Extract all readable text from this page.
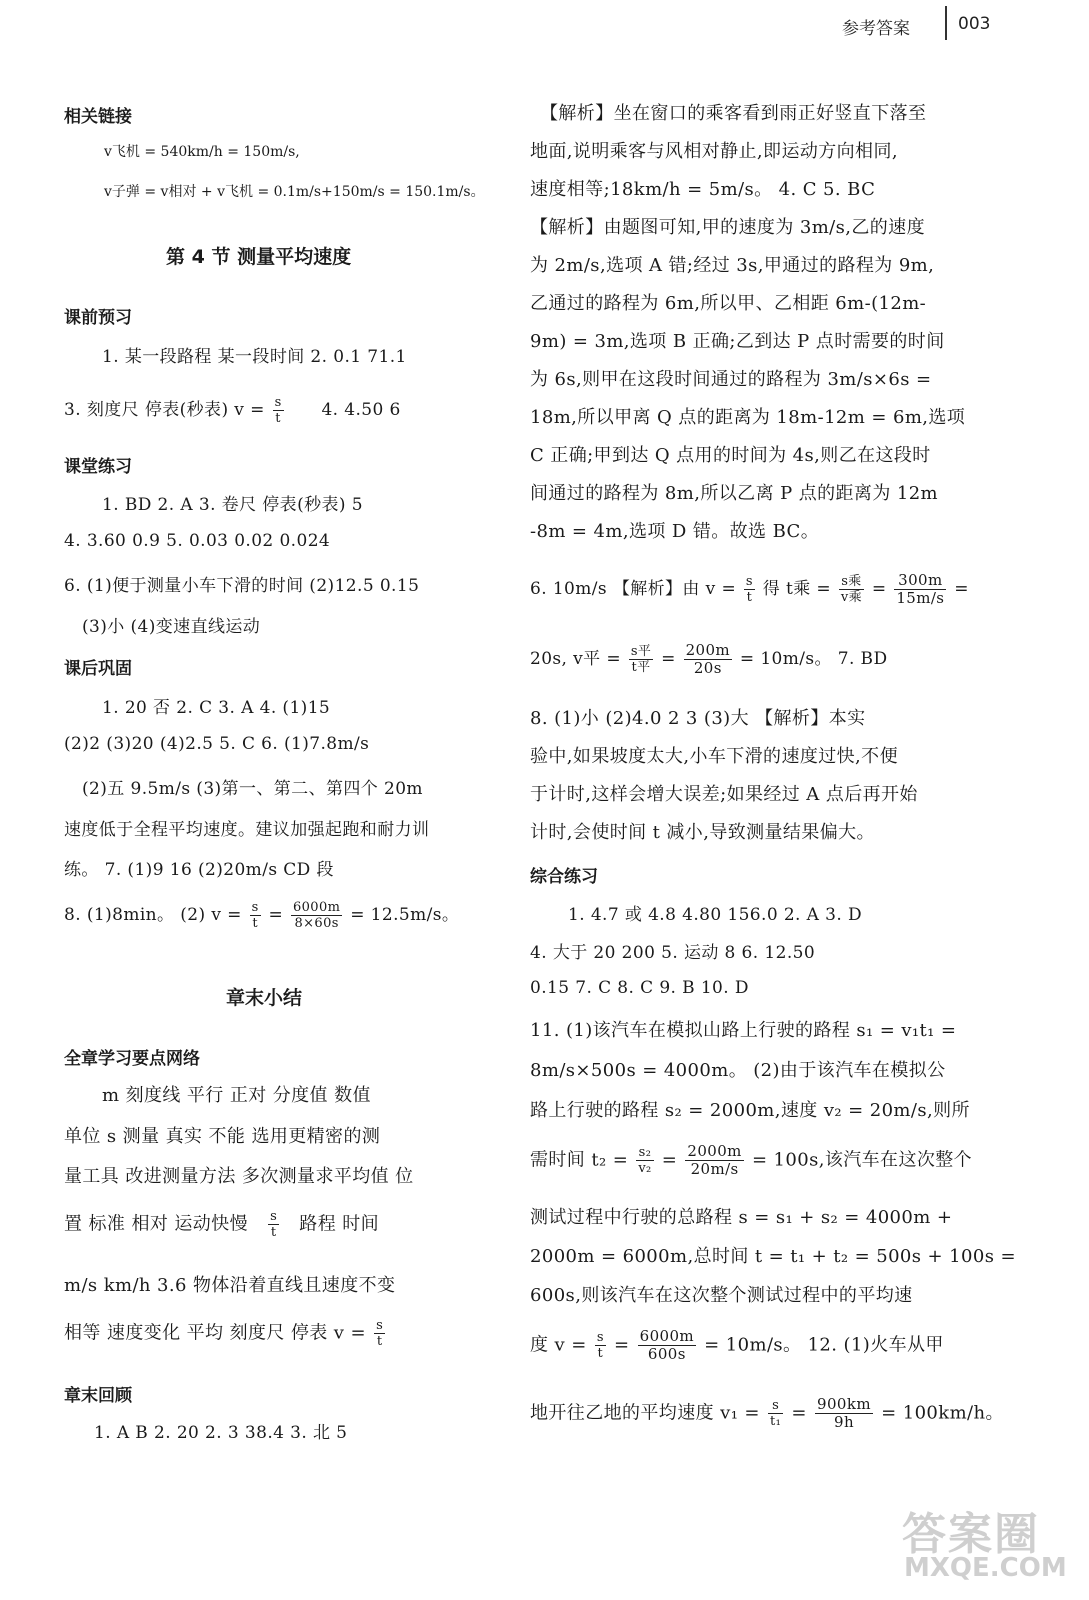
参考答案	003
相关链接
v飞机 = 540km/h = 150m/s,
v子弹 = v相对 + v飞机 = 0.1m/s+150m/s = 150.1m/s。
第 4 节 测量平均速度
课前预习
1. 某一段路程 某一段时间 2. 0.1 71.1
3. 刻度尺 停表(秒表) $v = \frac{s}{t} 4$. 4.50 6
课堂练习
1. BD 2. A 3. 卷尺 停表(秒表) 5
4. 3.60 0.9 5. 0.03 0.02 0.024
6. (1)便于测量小车下滑的时间 (2)12.5 0.15
(3)小 (4)变速直线运动
课后巩固
1. 20 否 2. C 3. A 4. (1)15
(2)2 (3)20 (4)2.5 5. C 6. (1)7.8m/s
(2)五 9.5m/s (3)第一、第二、第四个 20m
速度低于全程平均速度。建议加强起跑和耐力训
练。 7. (1)9 16 (2)20m/s CD 段
8. (1)8min。 (2) $v = \frac{s}{t} = \frac{6000m}{8\times 60s} = 12.5m/s$。
章末小结
全章学习要点网络
m 刻度线 平行 正对 分度值 数值
单位 s 测量 真实 不能 选用更精密的测
量工具 改进测量方法 多次测量求平均值 位
置 标准 相对 运动快慢 $\frac{s}{t}$ 路程 时间
m/s km/h 3.6 物体沿着直线且速度不变
相等 速度变化 平均 刻度尺 停表 $v = \frac{s}{t}$
章末回顾
1. A B 2. 20 2. 3 38.4 3. 北 5
【解析】坐在窗口的乘客看到雨正好竖直下落至
地面,说明乘客与风相对静止,即运动方向相同,
速度相等;18km/h = 5m/s。 4. C 5. BC
【解析】由题图可知,甲的速度为 3m/s,乙的速度
为 2m/s,选项 A 错;经过 3s,甲通过的路程为 9m,
乙通过的路程为 6m,所以甲、乙相距 6m-(12m-
9m) = 3m,选项 B 正确;乙到达 P 点时需要的时间
为 6s,则甲在这段时间通过的路程为 3m/s×6s =
18m,所以甲离 Q 点的距离为 18m-12m = 6m,选项
C 正确;甲到达 Q 点用的时间为 4s,则乙在这段时
间通过的路程为 8m,所以乙离 P 点的距离为 12m
-8m = 4m,选项 D 错。故选 BC。
6. 10m/s 【解析】由 $v = \frac{s}{t}$ 得 t乘 = $\frac{\text{s乘}}{\text{v乘}} = \frac{300m}{15m/s}$ =
20s, v平 = $\frac{\text{s平}}{\text{t平}} = \frac{200m}{20s} = 10m/s$。 7. BD
8. (1)小 (2)4.0 2 3 (3)大 【解析】本实
验中,如果坡度太大,小车下滑的速度过快,不便
于计时,这样会增大误差;如果经过 A 点后再开始
计时,会使时间 t 减小,导致测量结果偏大。
综合练习
1. 4.7 或 4.8 4.80 156.0 2. A 3. D
4. 大于 20 200 5. 运动 8 6. 12.50
0.15 7. C 8. C 9. B 10. D
11. (1)该汽车在模拟山路上行驶的路程 s₁ = v₁t₁ =
8m/s×500s = 4000m。 (2)由于该汽车在模拟公
路上行驶的路程 s₂ = 2000m,速度 v₂ = 20m/s,则所
需时间 $t_2 = \frac{\text{s₂}}{\text{v₂}} = \frac{2000m}{20m/s} = 100s$,该汽车在这次整个
测试过程中行驶的总路程 s = s₁ + s₂ = 4000m +
2000m = 6000m,总时间 t = t₁ + t₂ = 500s + 100s =
600s,则该汽车在这次整个测试过程中的平均速
度 $v = \frac{s}{t} = \frac{6000m}{600s} = 10m/s$。 12. (1)火车从甲
地开往乙地的平均速度 $v_1 = \frac{s}{\text{t₁}} = \frac{900km}{9h} = 100km/h$。
答案圈
MXQE.COM
